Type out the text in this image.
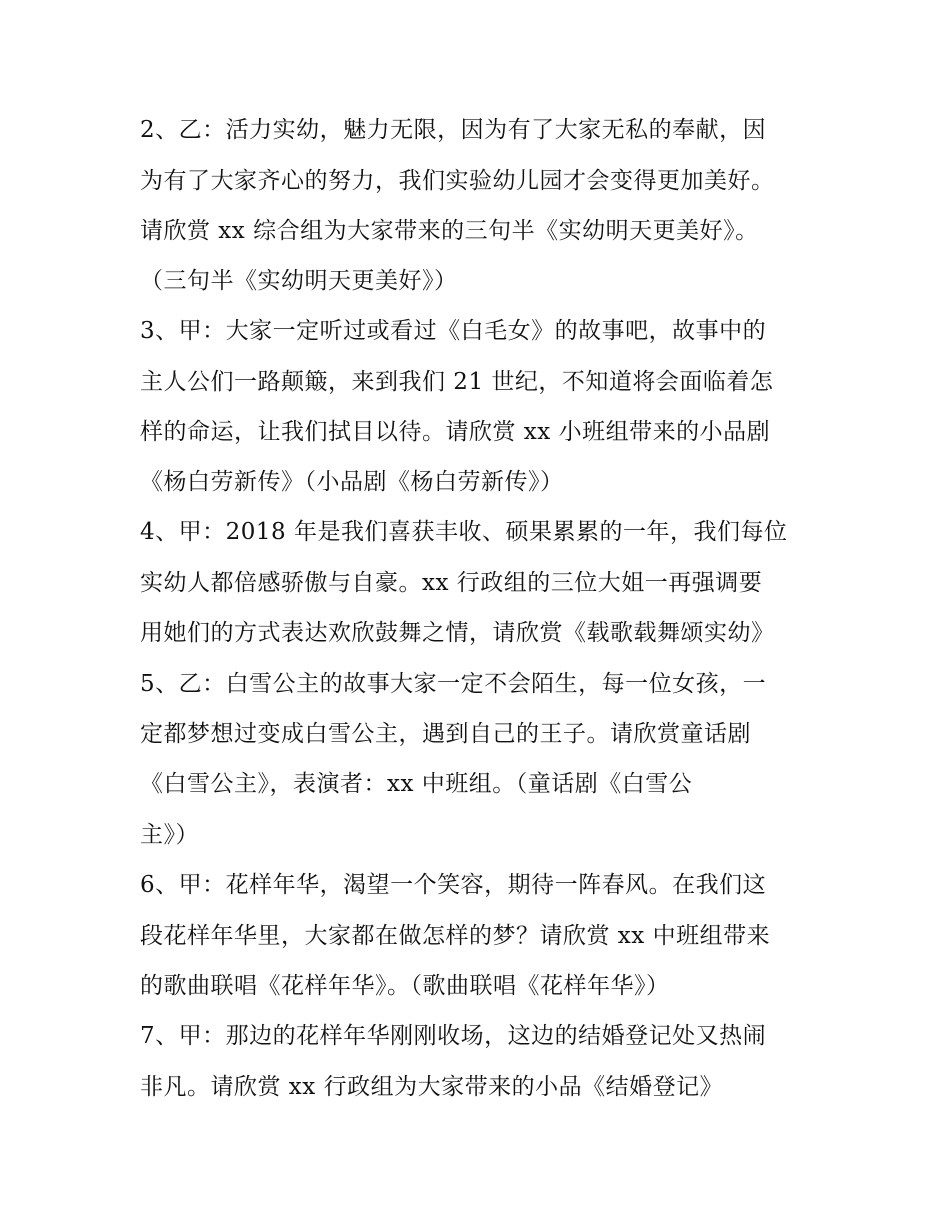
2、乙：活力实幼，魅力无限，因为有了大家无私的奉献，因
为有了大家齐心的努力，我们实验幼儿园才会变得更加美好。
请欣赏 xx 综合组为大家带来的三句半《实幼明天更美好》。
（三句半《实幼明天更美好》）
3、甲：大家一定听过或看过《白毛女》的故事吧，故事中的
主人公们一路颠簸，来到我们 21 世纪，不知道将会面临着怎
样的命运，让我们拭目以待。请欣赏 xx 小班组带来的小品剧
《杨白劳新传》（小品剧《杨白劳新传》）
4、甲：2018 年是我们喜获丰收、硕果累累的一年，我们每位
实幼人都倍感骄傲与自豪。xx 行政组的三位大姐一再强调要
用她们的方式表达欢欣鼓舞之情，请欣赏《载歌载舞颂实幼》
5、乙：白雪公主的故事大家一定不会陌生，每一位女孩，一
定都梦想过变成白雪公主，遇到自己的王子。请欣赏童话剧
《白雪公主》，表演者：xx 中班组。（童话剧《白雪公
主》）
6、甲：花样年华，渴望一个笑容，期待一阵春风。在我们这
段花样年华里，大家都在做怎样的梦？请欣赏 xx 中班组带来
的歌曲联唱《花样年华》。（歌曲联唱《花样年华》）
7、甲：那边的花样年华刚刚收场，这边的结婚登记处又热闹
非凡。请欣赏 xx 行政组为大家带来的小品《结婚登记》
